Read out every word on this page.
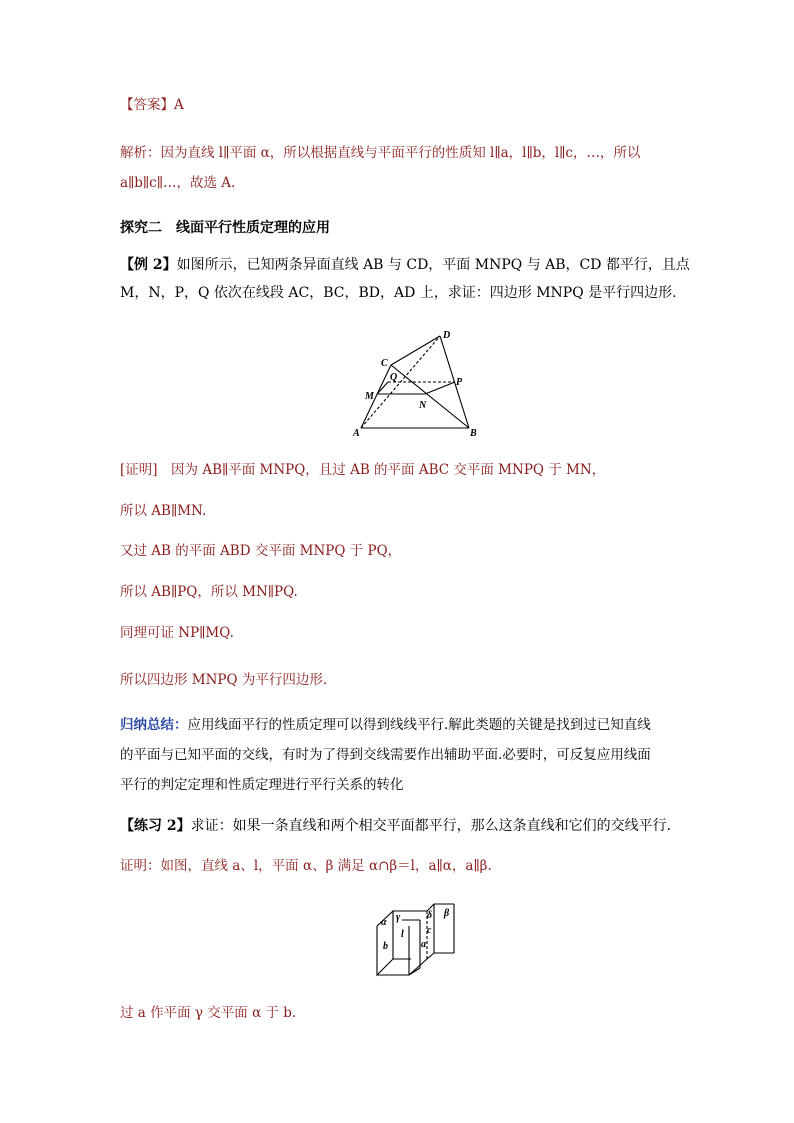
【答案】A
解析：因为直线 l∥平面 α，所以根据直线与平面平行的性质知 l∥a，l∥b，l∥c，…，所以
a∥b∥c∥…，故选 A.
探究二　线面平行性质定理的应用
【例 2】如图所示，已知两条异面直线 AB 与 CD，平面 MNPQ 与 AB，CD 都平行，且点
M，N，P，Q 依次在线段 AC，BC，BD，AD 上，求证：四边形 MNPQ 是平行四边形.
A	B
C
D
M
N
P
Q
[证明]　因为 AB∥平面 MNPQ，且过 AB 的平面 ABC 交平面 MNPQ 于 MN，
所以 AB∥MN.
又过 AB 的平面 ABD 交平面 MNPQ 于 PQ，
所以 AB∥PQ，所以 MN∥PQ.
同理可证 NP∥MQ.
所以四边形 MNPQ 为平行四边形.
归纳总结：应用线面平行的性质定理可以得到线线平行.解此类题的关键是找到过已知直线
的平面与已知平面的交线，有时为了得到交线需要作出辅助平面.必要时，可反复应用线面
平行的判定定理和性质定理进行平行关系的转化
【练习 2】求证：如果一条直线和两个相交平面都平行，那么这条直线和它们的交线平行．
证明：如图，直线 a、l，平面 α、β 满足 α∩β＝l，a∥α，a∥β.
α γ	δ β
l c
b	a
过 a 作平面 γ 交平面 α 于 b.
